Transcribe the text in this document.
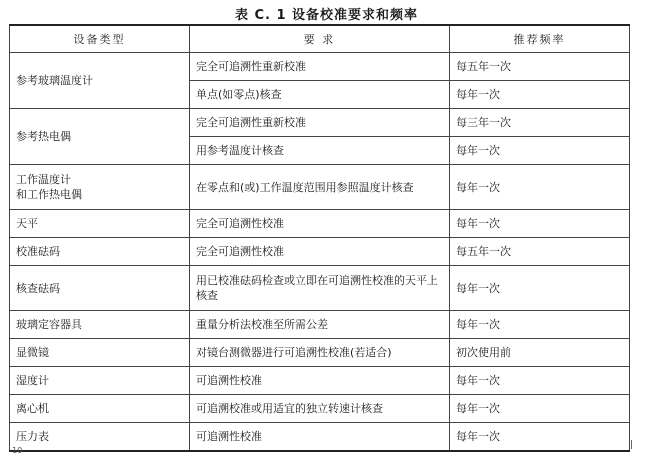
表 C. 1 设备校准要求和频率
设备类型	要 求	推荐频率
参考玻璃温度计	完全可追溯性重新校准	每五年一次
	单点(如零点)核查	每年一次
参考热电偶	完全可追溯性重新校准	每三年一次
	用参考温度计核查	每年一次
工作温度计
和工作热电偶	在零点和(或)工作温度范围用参照温度计核查	每年一次
天平	完全可追溯性校准	每年一次
校准砝码	完全可追溯性校准	每五年一次
核查砝码	用已校准砝码检查或立即在可追溯性校准的天平上核查	每年一次
玻璃定容器具	重量分析法校准至所需公差	每年一次
显微镜	对镜台测微器进行可追溯性校准(若适合)	初次使用前
湿度计	可追溯性校准	每年一次
离心机	可追溯校准或用适宜的独立转速计核查	每年一次
压力表	可追溯性校准	每年一次
10
|
